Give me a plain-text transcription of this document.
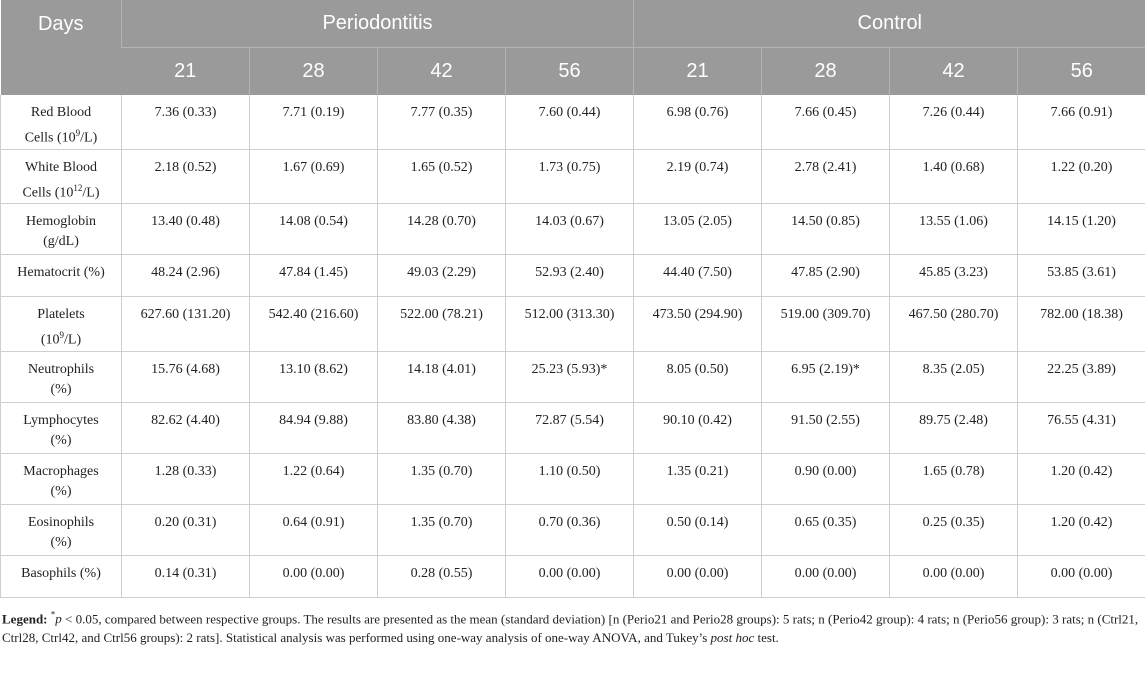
Days	Periodontitis				Control			
	21	28	42	56	21	28	42	56
Red Blood
Cells $(10^9/L)$	7.36 (0.33)	7.71 (0.19)	7.77 (0.35)	7.60 (0.44)	6.98 (0.76)	7.66 (0.45)	7.26 (0.44)	7.66 (0.91)
White Blood
Cells $(10^{12}/L)$	2.18 (0.52)	1.67 (0.69)	1.65 (0.52)	1.73 (0.75)	2.19 (0.74)	2.78 (2.41)	1.40 (0.68)	1.22 (0.20)
Hemoglobin
(g/dL)	13.40 (0.48)	14.08 (0.54)	14.28 (0.70)	14.03 (0.67)	13.05 (2.05)	14.50 (0.85)	13.55 (1.06)	14.15 (1.20)
Hematocrit (%)	48.24 (2.96)	47.84 (1.45)	49.03 (2.29)	52.93 (2.40)	44.40 (7.50)	47.85 (2.90)	45.85 (3.23)	53.85 (3.61)
Platelets
$(10^9/L)$	627.60 (131.20)	542.40 (216.60)	522.00 (78.21)	512.00 (313.30)	473.50 (294.90)	519.00 (309.70)	467.50 (280.70)	782.00 (18.38)
Neutrophils
(%)	15.76 (4.68)	13.10 (8.62)	14.18 (4.01)	25.23 (5.93)*	8.05 (0.50)	6.95 (2.19)*	8.35 (2.05)	22.25 (3.89)
Lymphocytes
(%)	82.62 (4.40)	84.94 (9.88)	83.80 (4.38)	72.87 (5.54)	90.10 (0.42)	91.50 (2.55)	89.75 (2.48)	76.55 (4.31)
Macrophages
(%)	1.28 (0.33)	1.22 (0.64)	1.35 (0.70)	1.10 (0.50)	1.35 (0.21)	0.90 (0.00)	1.65 (0.78)	1.20 (0.42)
Eosinophils
(%)	0.20 (0.31)	0.64 (0.91)	1.35 (0.70)	0.70 (0.36)	0.50 (0.14)	0.65 (0.35)	0.25 (0.35)	1.20 (0.42)
Basophils (%)	0.14 (0.31)	0.00 (0.00)	0.28 (0.55)	0.00 (0.00)	0.00 (0.00)	0.00 (0.00)	0.00 (0.00)	0.00 (0.00)
Legend: *p < 0.05, compared between respective groups. The results are presented as the mean (standard deviation) [n (Perio21 and Perio28 groups): 5 rats; n (Perio42 group): 4 rats; n (Perio56 group): 3 rats; n (Ctrl21, Ctrl28, Ctrl42, and Ctrl56 groups): 2 rats]. Statistical analysis was performed using one-way analysis of one-way ANOVA, and Tukey’s post hoc test.
